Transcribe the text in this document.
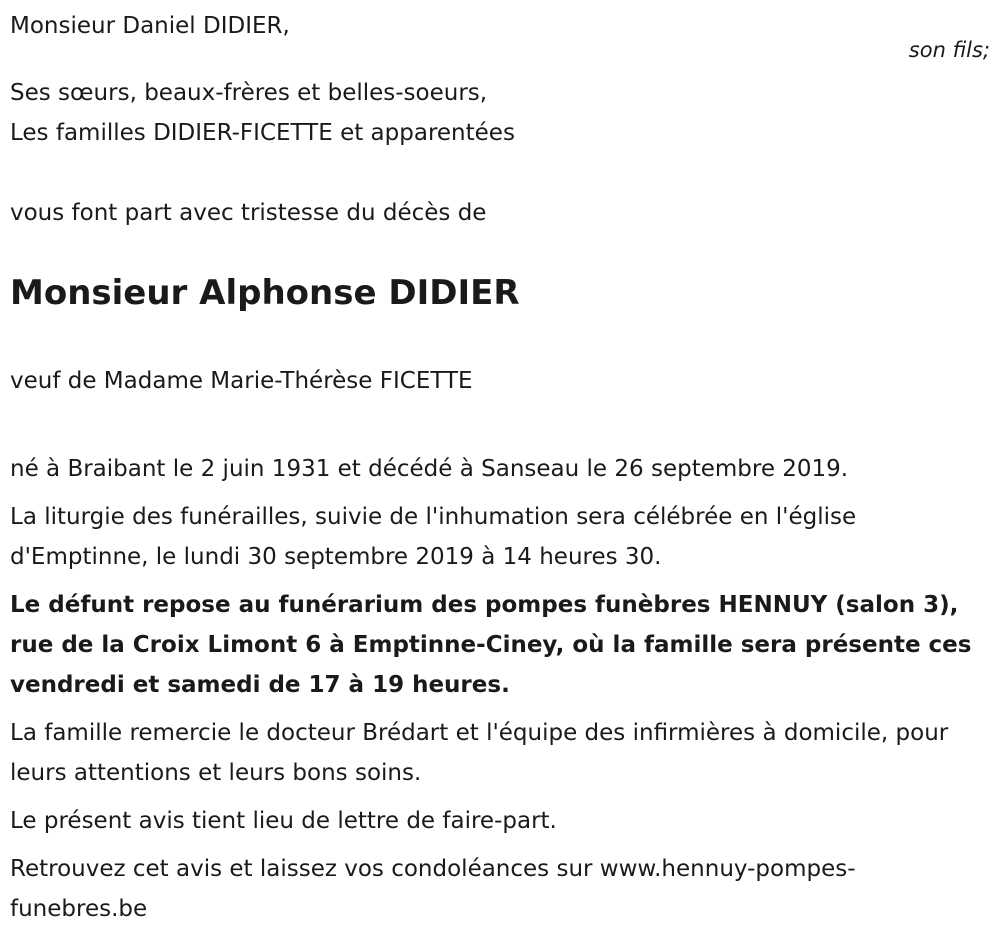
son fils;
Monsieur Daniel DIDIER,
Ses sœurs, beaux-frères et belles-soeurs,
Les familles DIDIER-FICETTE et apparentées
vous font part avec tristesse du décès de
Monsieur Alphonse DIDIER
veuf de Madame Marie-Thérèse FICETTE
né à Braibant le 2 juin 1931 et décédé à Sanseau le 26 septembre 2019.
La liturgie des funérailles, suivie de l'inhumation sera célébrée en l'église d'Emptinne, le lundi 30 septembre 2019 à 14 heures 30.
Le défunt repose au funérarium des pompes funèbres HENNUY (salon 3), rue de la Croix Limont 6 à Emptinne-Ciney, où la famille sera présente ces vendredi et samedi de 17 à 19 heures.
La famille remercie le docteur Brédart et l'équipe des infirmières à domicile, pour leurs attentions et leurs bons soins.
Le présent avis tient lieu de lettre de faire-part.
Retrouvez cet avis et laissez vos condoléances sur www.hennuy-pompes-funebres.be
